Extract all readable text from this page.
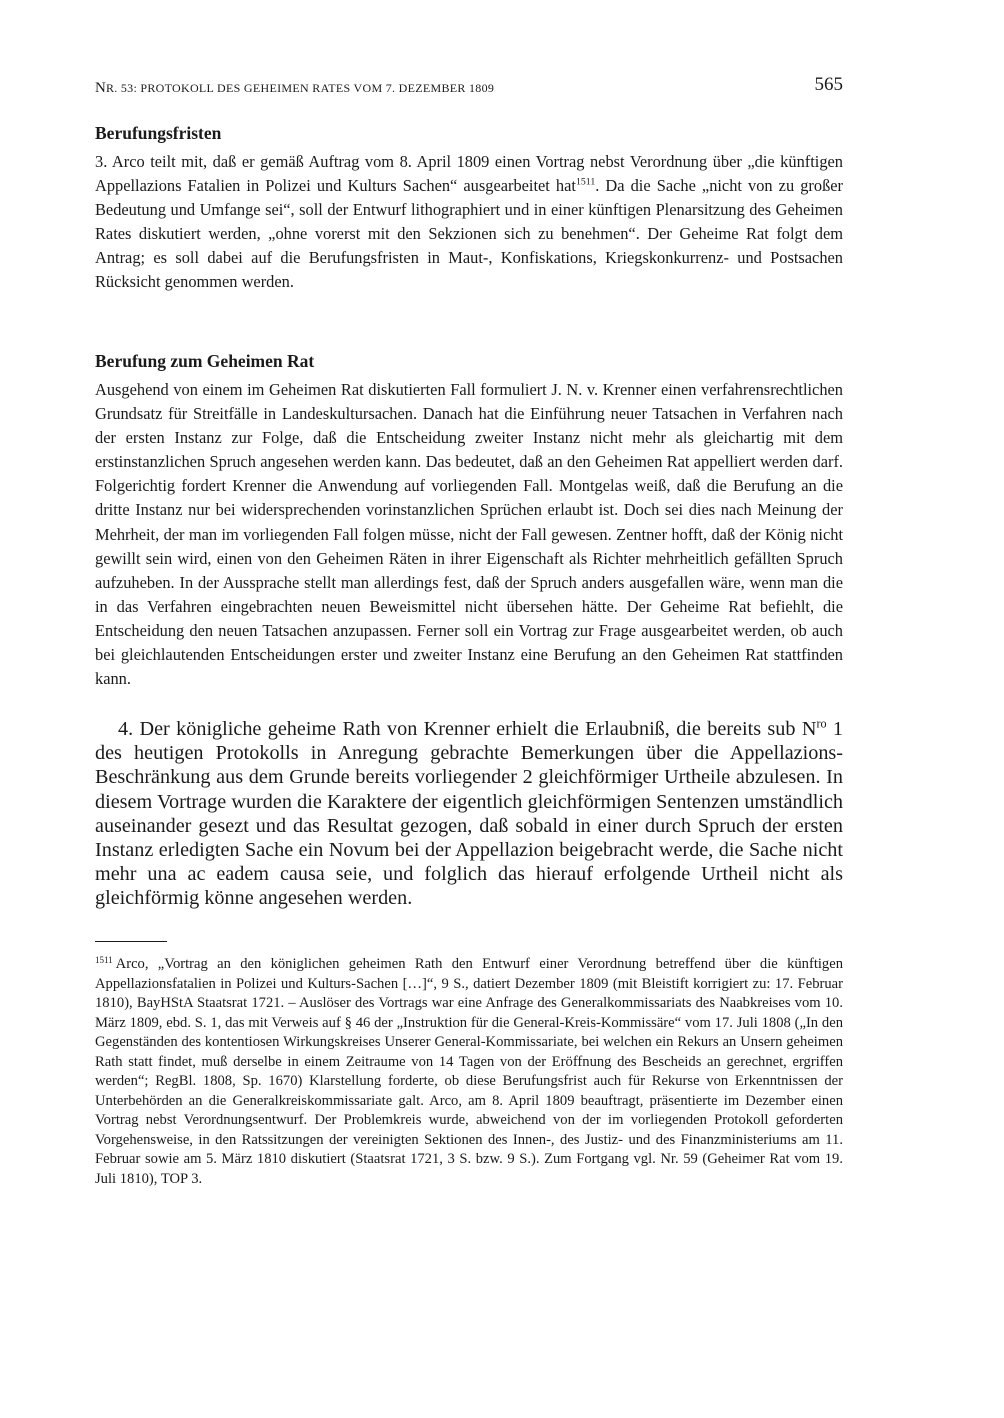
NR. 53: PROTOKOLL DES GEHEIMEN RATES VOM 7. DEZEMBER 1809	565
Berufungsfristen

3. Arco teilt mit, daß er gemäß Auftrag vom 8. April 1809 einen Vortrag nebst Verordnung über „die künftigen Appellazions Fatalien in Polizei und Kulturs Sachen“ ausgearbeitet hat$^{1511}$. Da die Sache „nicht von zu großer Bedeutung und Umfange sei“, soll der Entwurf lithographiert und in einer künftigen Plenarsitzung des Geheimen Rates diskutiert werden, „ohne vorerst mit den Sekzionen sich zu benehmen“. Der Geheime Rat folgt dem Antrag; es soll dabei auf die Berufungsfristen in Maut-, Konfiskations, Kriegskonkurrenz- und Postsachen Rücksicht genommen werden.

Berufung zum Geheimen Rat

Ausgehend von einem im Geheimen Rat diskutierten Fall formuliert J. N. v. Krenner einen verfahrensrechtlichen Grundsatz für Streitfälle in Landeskultursachen. Danach hat die Einführung neuer Tatsachen in Verfahren nach der ersten Instanz zur Folge, daß die Entscheidung zweiter Instanz nicht mehr als gleichartig mit dem erstinstanzlichen Spruch angesehen werden kann. Das bedeutet, daß an den Geheimen Rat appelliert werden darf. Folgerichtig fordert Krenner die Anwendung auf vorliegenden Fall. Montgelas weiß, daß die Berufung an die dritte Instanz nur bei widersprechenden vorinstanzlichen Sprüchen erlaubt ist. Doch sei dies nach Meinung der Mehrheit, der man im vorliegenden Fall folgen müsse, nicht der Fall gewesen. Zentner hofft, daß der König nicht gewillt sein wird, einen von den Geheimen Räten in ihrer Eigenschaft als Richter mehrheitlich gefällten Spruch aufzuheben. In der Aussprache stellt man allerdings fest, daß der Spruch anders ausgefallen wäre, wenn man die in das Verfahren eingebrachten neuen Beweismittel nicht übersehen hätte. Der Geheime Rat befiehlt, die Entscheidung den neuen Tatsachen anzupassen. Ferner soll ein Vortrag zur Frage ausgearbeitet werden, ob auch bei gleichlautenden Entscheidungen erster und zweiter Instanz eine Berufung an den Geheimen Rat stattfinden kann.

4. Der königliche geheime Rath von Krenner erhielt die Erlaubniß, die bereits sub $N^{ro}$ 1 des heutigen Protokolls in Anregung gebrachte Bemerkungen über die Appellazions-Beschränkung aus dem Grunde bereits vorliegender 2 gleichförmiger Urtheile abzulesen. In diesem Vortrage wurden die Karaktere der eigentlich gleichförmigen Sentenzen umständlich auseinander gesezt und das Resultat gezogen, daß sobald in einer durch Spruch der ersten Instanz erledigten Sache ein Novum bei der Appellazion beigebracht werde, die Sache nicht mehr una ac eadem causa seie, und folglich das hierauf erfolgende Urtheil nicht als gleichförmig könne angesehen werden.

$^{1511}$ Arco, „Vortrag an den königlichen geheimen Rath den Entwurf einer Verordnung betreffend über die künftigen Appellazionsfatalien in Polizei und Kulturs-Sachen […]“, 9 S., datiert Dezember 1809 (mit Bleistift korrigiert zu: 17. Februar 1810), BayHStA Staatsrat 1721. – Auslöser des Vortrags war eine Anfrage des Generalkommissariats des Naabkreises vom 10. März 1809, ebd. S. 1, das mit Verweis auf § 46 der „Instruktion für die General-Kreis-Kommissäre“ vom 17. Juli 1808 („In den Gegenständen des kontentiosen Wirkungskreises Unserer General-Kommissariate, bei welchen ein Rekurs an Unsern geheimen Rath statt findet, muß derselbe in einem Zeitraume von 14 Tagen von der Eröffnung des Bescheids an gerechnet, ergriffen werden“; RegBl. 1808, Sp. 1670) Klarstellung forderte, ob diese Berufungsfrist auch für Rekurse von Erkenntnissen der Unterbehörden an die Generalkreiskommissariate galt. Arco, am 8. April 1809 beauftragt, präsentierte im Dezember einen Vortrag nebst Verordnungsentwurf. Der Problemkreis wurde, abweichend von der im vorliegenden Protokoll geforderten Vorgehensweise, in den Ratssitzungen der vereinigten Sektionen des Innen-, des Justiz- und des Finanzministeriums am 11. Februar sowie am 5. März 1810 diskutiert (Staatsrat 1721, 3 S. bzw. 9 S.). Zum Fortgang vgl. Nr. 59 (Geheimer Rat vom 19. Juli 1810), TOP 3.
